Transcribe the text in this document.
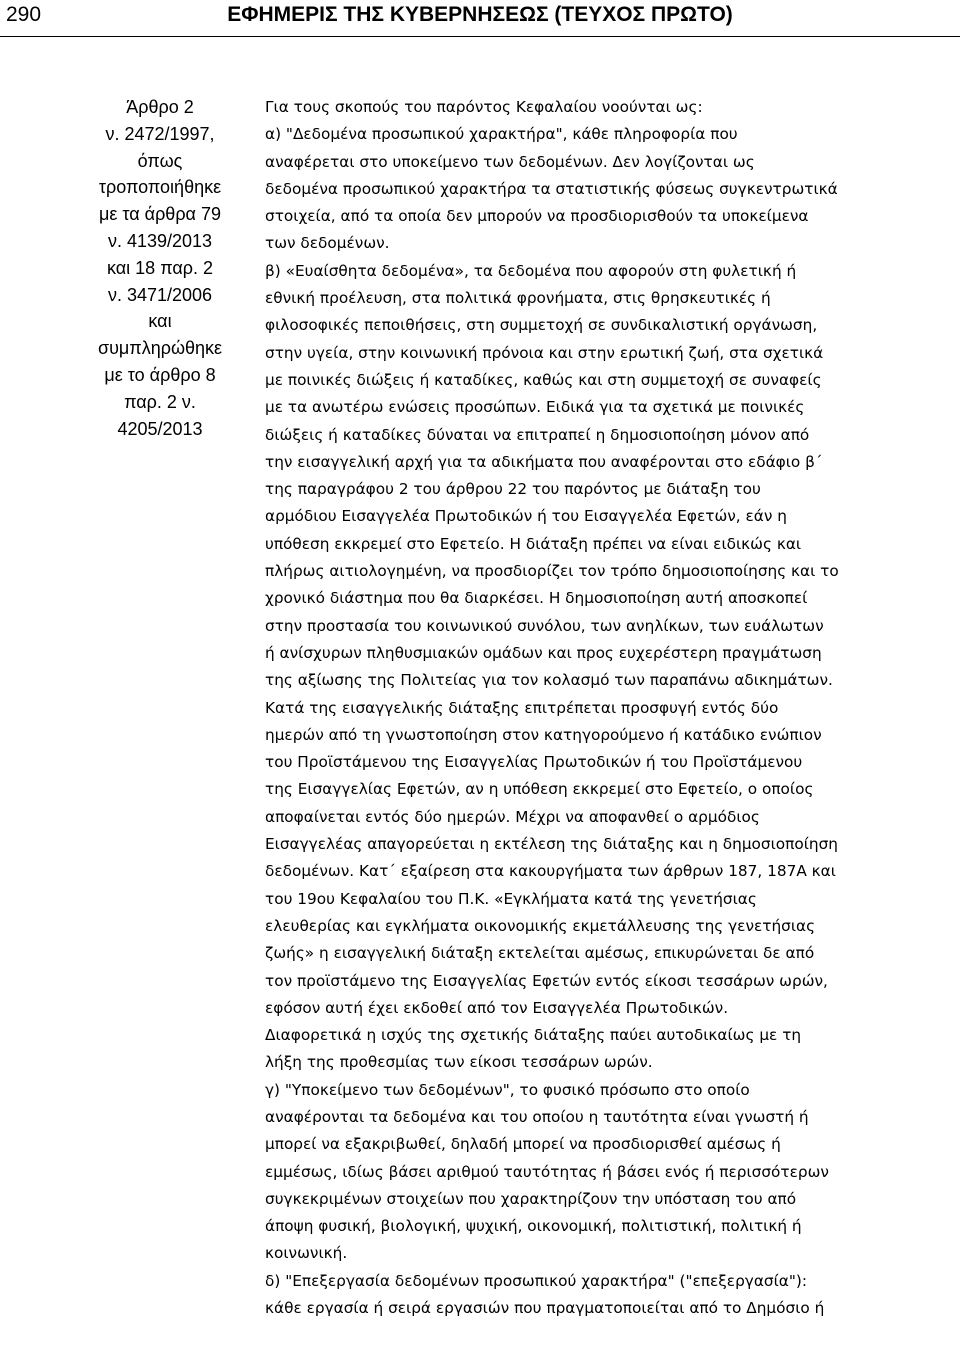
290	ΕΦΗΜΕΡΙΣ ΤΗΣ ΚΥΒΕΡΝΗΣΕΩΣ (ΤΕΥΧΟΣ ΠΡΩΤΟ)
Άρθρο 2
ν. 2472/1997,
όπως
τροποποιήθηκε
με τα άρθρα 79
ν. 4139/2013
και 18 παρ. 2
ν. 3471/2006
και
συμπληρώθηκε
με το άρθρο 8
παρ. 2 ν.
4205/2013
Για τους σκοπούς του παρόντος Κεφαλαίου νοούνται ως:
α) "Δεδομένα προσωπικού χαρακτήρα", κάθε πληροφορία που
αναφέρεται στο υποκείμενο των δεδομένων. Δεν λογίζονται ως
δεδομένα προσωπικού χαρακτήρα τα στατιστικής φύσεως συγκεντρωτικά
στοιχεία, από τα οποία δεν μπορούν να προσδιορισθούν τα υποκείμενα
των δεδομένων.
β) «Ευαίσθητα δεδομένα», τα δεδομένα που αφορούν στη φυλετική ή
εθνική προέλευση, στα πολιτικά φρονήματα, στις θρησκευτικές ή
φιλοσοφικές πεποιθήσεις, στη συμμετοχή σε συνδικαλιστική οργάνωση,
στην υγεία, στην κοινωνική πρόνοια και στην ερωτική ζωή, στα σχετικά
με ποινικές διώξεις ή καταδίκες, καθώς και στη συμμετοχή σε συναφείς
με τα ανωτέρω ενώσεις προσώπων. Ειδικά για τα σχετικά με ποινικές
διώξεις ή καταδίκες δύναται να επιτραπεί η δημοσιοποίηση μόνον από
την εισαγγελική αρχή για τα αδικήματα που αναφέρονται στο εδάφιο β΄
της παραγράφου 2 του άρθρου 22 του παρόντος με διάταξη του
αρμόδιου Εισαγγελέα Πρωτοδικών ή του Εισαγγελέα Εφετών, εάν η
υπόθεση εκκρεμεί στο Εφετείο. Η διάταξη πρέπει να είναι ειδικώς και
πλήρως αιτιολογημένη, να προσδιορίζει τον τρόπο δημοσιοποίησης και το
χρονικό διάστημα που θα διαρκέσει. Η δημοσιοποίηση αυτή αποσκοπεί
στην προστασία του κοινωνικού συνόλου, των ανηλίκων, των ευάλωτων
ή ανίσχυρων πληθυσμιακών ομάδων και προς ευχερέστερη πραγμάτωση
της αξίωσης της Πολιτείας για τον κολασμό των παραπάνω αδικημάτων.
Κατά της εισαγγελικής διάταξης επιτρέπεται προσφυγή εντός δύο
ημερών από τη γνωστοποίηση στον κατηγορούμενο ή κατάδικο ενώπιον
του Προϊστάμενου της Εισαγγελίας Πρωτοδικών ή του Προϊστάμενου
της Εισαγγελίας Εφετών, αν η υπόθεση εκκρεμεί στο Εφετείο, ο οποίος
αποφαίνεται εντός δύο ημερών. Μέχρι να αποφανθεί ο αρμόδιος
Εισαγγελέας απαγορεύεται η εκτέλεση της διάταξης και η δημοσιοποίηση
δεδομένων. Κατ΄ εξαίρεση στα κακουργήματα των άρθρων 187, 187Α και
του 19ου Κεφαλαίου του Π.Κ. «Εγκλήματα κατά της γενετήσιας
ελευθερίας και εγκλήματα οικονομικής εκμετάλλευσης της γενετήσιας
ζωής» η εισαγγελική διάταξη εκτελείται αμέσως, επικυρώνεται δε από
τον προϊστάμενο της Εισαγγελίας Εφετών εντός είκοσι τεσσάρων ωρών,
εφόσον αυτή έχει εκδοθεί από τον Εισαγγελέα Πρωτοδικών.
Διαφορετικά η ισχύς της σχετικής διάταξης παύει αυτοδικαίως με τη
λήξη της προθεσμίας των είκοσι τεσσάρων ωρών.
γ) "Υποκείμενο των δεδομένων", το φυσικό πρόσωπο στο οποίο
αναφέρονται τα δεδομένα και του οποίου η ταυτότητα είναι γνωστή ή
μπορεί να εξακριβωθεί, δηλαδή μπορεί να προσδιορισθεί αμέσως ή
εμμέσως, ιδίως βάσει αριθμού ταυτότητας ή βάσει ενός ή περισσότερων
συγκεκριμένων στοιχείων που χαρακτηρίζουν την υπόσταση του από
άποψη φυσική, βιολογική, ψυχική, οικονομική, πολιτιστική, πολιτική ή
κοινωνική.
δ) "Επεξεργασία δεδομένων προσωπικού χαρακτήρα" ("επεξεργασία"):
κάθε εργασία ή σειρά εργασιών που πραγματοποιείται από το Δημόσιο ή
